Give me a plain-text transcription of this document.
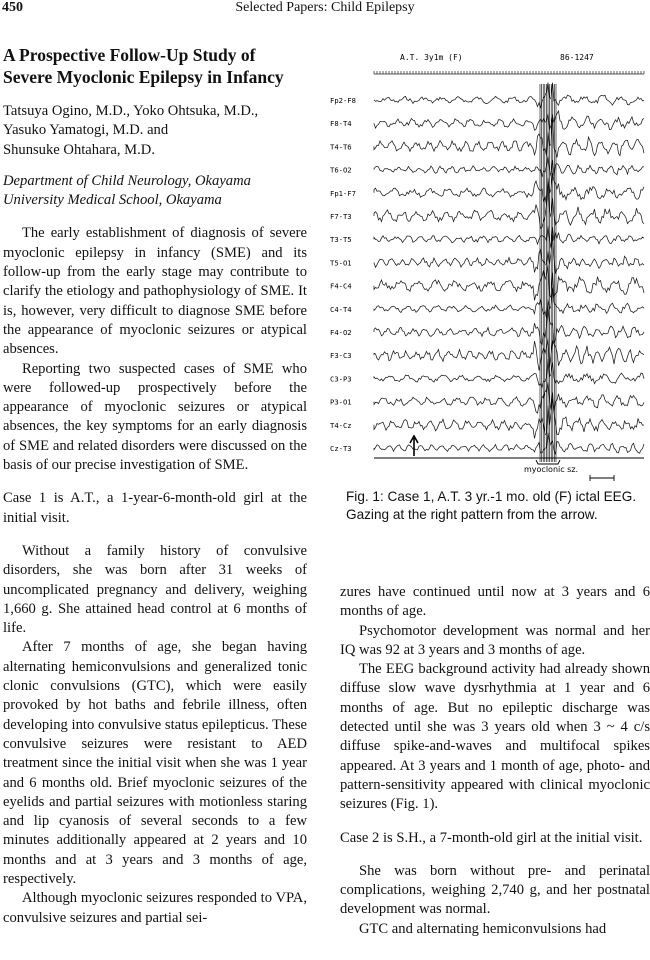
450	Selected Papers: Child Epilepsy
A Prospective Follow-Up Study of
Severe Myoclonic Epilepsy in Infancy
Tatsuya Ogino, M.D., Yoko Ohtsuka, M.D.,
Yasuko Yamatogi, M.D. and
Shunsuke Ohtahara, M.D.
Department of Child Neurology, Okayama
University Medical School, Okayama

The early establishment of diagnosis of severe myoclonic epilepsy in infancy (SME) and its follow-up from the early stage may contribute to clarify the etiology and pathophysiology of SME. It is, however, very difficult to diagnose SME before the appearance of myoclonic seizures or atypical absences.

Reporting two suspected cases of SME who were followed-up prospectively before the appearance of myoclonic seizures or atypical absences, the key symptoms for an early diagnosis of SME and related disorders were discussed on the basis of our precise investigation of SME.

Case 1 is A.T., a 1-year-6-month-old girl at the initial visit.

Without a family history of convulsive disorders, she was born after 31 weeks of uncomplicated pregnancy and delivery, weighing 1,660 g. She attained head control at 6 months of life.

After 7 months of age, she began having alternating hemiconvulsions and generalized tonic clonic convulsions (GTC), which were easily provoked by hot baths and febrile illness, often developing into convulsive status epilepticus. These convulsive seizures were resistant to AED treatment since the initial visit when she was 1 year and 6 months old. Brief myoclonic seizures of the eyelids and partial seizures with motionless staring and lip cyanosis of several seconds to a few minutes additionally appeared at 2 years and 10 months and at 3 years and 3 months of age, respectively.

Although myoclonic seizures responded to VPA, convulsive seizures and partial sei-

A.T. 3y1m (F)	86-1247
Fp2-F8
F8-T4
T4-T6
T6-O2
Fp1-F7
F7-T3
T3-T5
T5-O1
F4-C4
C4-T4
F4-O2
F3-C3
C3-P3
P3-O1
T4-Cz
Cz-T3
myoclonic sz.
Fig. 1: Case 1, A.T. 3 yr.-1 mo. old (F) ictal EEG. Gazing at the right pattern from the arrow.

zures have continued until now at 3 years and 6 months of age.

Psychomotor development was normal and her IQ was 92 at 3 years and 3 months of age.

The EEG background activity had already shown diffuse slow wave dysrhythmia at 1 year and 6 months of age. But no epileptic discharge was detected until she was 3 years old when 3 ~ 4 c/s diffuse spike-and-waves and multifocal spikes appeared. At 3 years and 1 month of age, photo- and pattern-sensitivity appeared with clinical myoclonic seizures (Fig. 1).

Case 2 is S.H., a 7-month-old girl at the initial visit.

She was born without pre- and perinatal complications, weighing 2,740 g, and her postnatal development was normal.

GTC and alternating hemiconvulsions had
